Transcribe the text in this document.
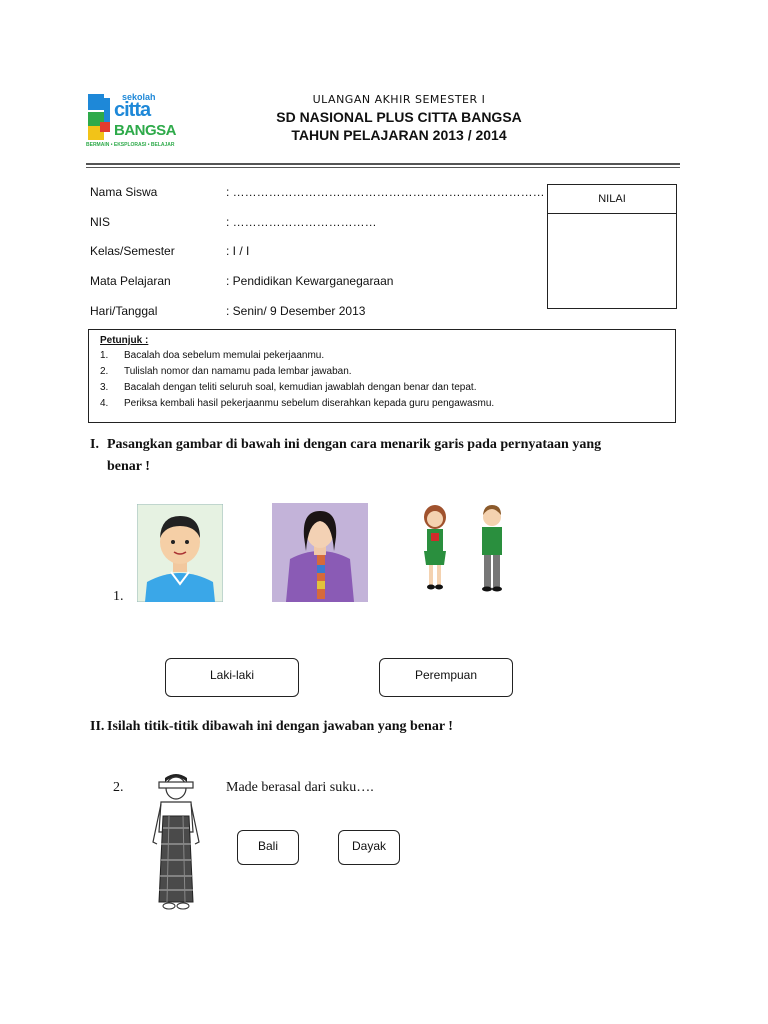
sekolah
citta
BANGSA
BERMAIN • EKSPLORASI • BELAJAR
ULANGAN AKHIR SEMESTER I
SD NASIONAL PLUS CITTA BANGSA
TAHUN PELAJARAN 2013 / 2014
Nama Siswa	: ……………………………………………………………………
NIS	: ………………………………
Kelas/Semester	: I / I
Mata Pelajaran	: Pendidikan Kewarganegaraan
Hari/Tanggal	: Senin/ 9 Desember 2013
NILAI
Petunjuk :
1. Bacalah doa sebelum memulai pekerjaanmu.
2. Tulislah nomor dan namamu pada lembar jawaban.
3. Bacalah dengan teliti seluruh soal, kemudian jawablah dengan benar dan tepat.
4. Periksa kembali hasil pekerjaanmu sebelum diserahkan kepada guru pengawasmu.
I. Pasangkan gambar di bawah ini dengan cara menarik garis pada pernyataan yang
benar !
1.
Laki-laki	Perempuan
II. Isilah titik-titik dibawah ini dengan jawaban yang benar !
2.	Made berasal dari suku….
Bali	Dayak
